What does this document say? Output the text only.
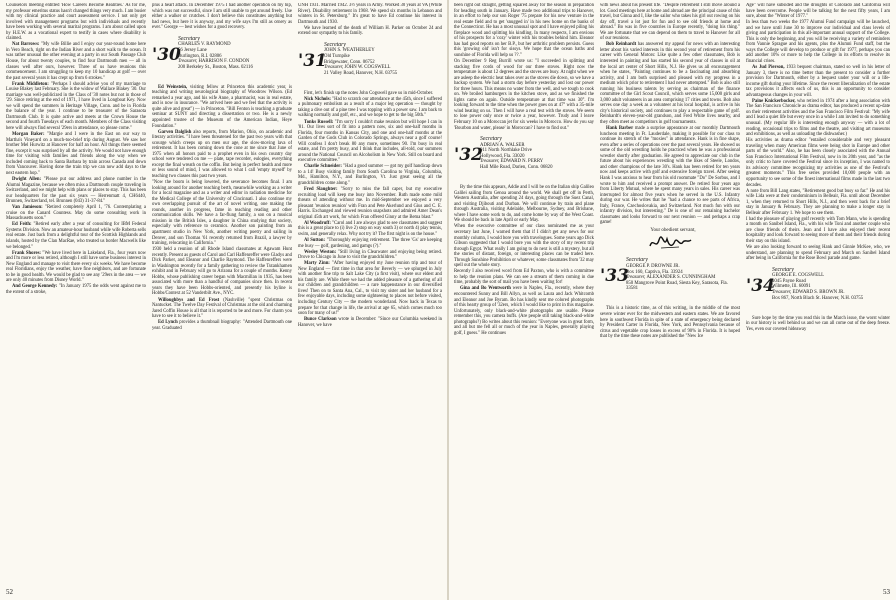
Counselors meeting entitled 'How Careers Become Realities.' As for me, my professor emeritus status hasn't changed things very much. I am busier with my clinical practice and court assessment service. I not only get involved with management programs but with individuals and recently have been working with several marital programs. I am about called upon by H.E.W. as a vocational expert to testify in cases where disability is claimed.

Nat Barrows: "My wife Billie and I enjoy our year-round home here in Vero Beach, right on the Indian River and a short walk to the ocean. It was rather unusual the other evening at a party in our South Passage Club House, for about twenty couples, to find four Dartmouth men — all in classes well after ours, however. Three of us have reunions this commencement. I am struggling to keep my 10 handicap at golf — over the past several years it has crept up from 6 strokes."

Frank Middleton: "Perhaps I should advise you of my marriage to Louise Blakey last February. She is the widow of Wallace Blakey '30. Our marriage was well-publicized in the Class of '30 notes but not in those of '29. Since retiring at the end of 1971, I have lived in Longboat Key. Now we will spend the summers in Heritage Village, Conn. and be in Florida the balance of the year. I continue to be treasurer of the Sarasota Dartmouth Club. It is quite active and meets at the Crown House the second and fourth Tuesdays of each month. Members of the Class visiting here will always find several '29ers in attendance, so please come."

Morgan Baker: "Margie and I were in the East on our way to Martha's Vineyard on a much-too-brief trip during August. We saw her brother Mel Hurwitz at Hanover for half an hour. All things there seemed fine, except it was surprised by all the activity. We would not have enough time for visiting with families and friends along the way when we included coming back to Santa Barbara by train across Canada and down from Vancouver. Having done the train trip we can now add days to the next eastern hop."

Dwight Allen: "Please put our address and phone number in the Alumni Magazine, because we often miss a Dartmouth couple traveling in Switzerland, and we might help with plans or places to stay. This has been our headquarters for the past six years — Herrenmatt 4, CH6440, Brunnen, Switzerland, tel. Brunnen (043) 31-37-84."

Van Jamieson: "Retired completely April 1, '76. Contemplating a cruise on the Canard Countess. May do some consulting work in Massachusetts soon."

Ed Feith: "Retired early after a year of consulting for IBM Federal Systems Division. Now an amateur-hour husband while wife Roberta sells real estate. Just back from a delightful tour of the Scottish Highlands and islands, hosted by the Clan MacRae, who treated us border Macwells like we belonged."

Frank Shores: "We have lived here in Lakeland, Fla., four years now and I'm more or less retired, although I still have some business interest in New England and manage to visit there every six weeks. We have become real Floridians, enjoy the weather, have fine neighbors, and are fortunate to be in good health. We would be glad to see any '29ers in the area — we are only 40 minutes from Disney World."

And George Kennedy: "In January 1975 the odds went against me to the extent of a stroke,

plus a heart attack. In December 1975 I had another operation on my hip, which was not successful, since I am still unable to get around freely. Use either a walker or crutches. I don't believe this constitutes anything but bad news, but here it is anyway, and my wife says I'm still as ornery as ever." George — best wishes for a good recovery.

'30
Secretary
CHARLES V. RAYMOND
56 Jersey Lane
Burlington, R.I. 02806
Treasurer, HARRISON F. CONDON
200 Berkeley St., Boston, Mass. 02116

Ed Weinstein, visiting fellow at Princeton this academic year, is teaching and writing neurological biography of Woodrow Wilson. (Ed remarked a year ago, and his wife Anne, a pharmacist, was in real estate, and is now in insurance. "We arrived here and we feel that the activity is quite alive and great") — in Princeton. "Bill Fenton is teaching a graduate seminar at SUNY and directing a dissertation or two. He is a newly appointed trustee of the Museum of the American Indian, Heye Foundation."

Garven Dalglish also reports, from Marion, Ohio, on academic and literary activities. "I have been threatened for the past two years with that scourge which creeps up on men our age, the slow-moving lava of retirement. It has been coming down the cone at me since that June of 1975 when all honors paid to a prophet even in his own country day school were tendered on me — plate, tape recorder, eulogies, everything except the final wreath on the coffin. But being in perfect health and more or less sound of mind, I was allowed to what I call 'empty myself' by teaching two classes this past two years.

"Now the boom is being lowered, the severance becomes final. I am looking around for another teaching berth, meanwhile working as a writer for a local magazine and as a writer and editor in radiation medicine for the Medical College of the University of Cincinnati. I also continue my own overlapping pursuit of the art of novel writing, one making the rounds, another in progress, fame in teaching reading and other communication skills. We have a far-flung family, a son on a musical mission in the British Isles, a daughter in China studying that society, especially with reference to ceramics. Another son painting from an apartment studio in New York, another writing poetry and sailing in Denver, and son Thomas '61 recently returned from Brazil, a lawyer by training, relocating in California."

1930 held a reunion of all Rhode Island classmates at Agawam Hunt recently. Present as guests of Carol and Carl Haffenreffer were Gladys and Dick Parker, and Eleanor and Charlie Raymond. The Haffenreffers were in Washington recently for a family gathering to review the Tutankhamen exhibit and in February will go to Arizona for a couple of months. Kenny Hobbs, whose publishing career began with Macmillan in 1935, has been associated with more than a handful of companies since then. In recent years they have been Hobbs-oriented, and presently his byline is Hobbs/Context at 52 Vanderbilt Ave., NYC.

Willoughbys and Ed Frost (Nashville) "spent Christmas on Nantucket. The Twelve Day Festival of Christmas at the old and charming Jared Coffin House is all that it is reported to be and more. For charm you have to see it to believe it."

Ed Lynch provides a thumbnail biography: "Attended Dartmouth one year. Graduated

UNH 1931. Married 1942. 3½ years in Army. Worked 30 years at VA (White River). Disability retirement in 1968. We spend six months in Lebanon and winters in St. Petersburg." It's great to have Ed continue his interest in Dartmouth and 1930.

We have learned of the death of William H. Parker on October 24 and extend our sympathy to his family.

'31
Secretary
JOHN S. WEATHERLEY
Old Turnpike
Bridgewater, Conn. 06752
Treasurer, JOHN W. COGSWELL
21 Valley Road, Hanover, N.H. 03755

First, let's finish up the notes John Cogswell gave us in mid-October.

Nick Nichols: "Had to scratch our attendance at the 45th, since I suffered a pulmonary embolism as a result of a major leg operation — thought by taking a dive out of a pine tree I was topping with a power saw. I am back to walking normally and golf, etc., and we hope to get to the big 50th."

Tonks Russell: "I'm sorry I couldn't make reunion but will hope I can in '81. Our lives sort of fit into a pattern now, six and one-half months in Florida, four months in Kansas City, and one and one-half months at the Garden of the Gods Club in Colorado Springs, always near a golf course! Will confess I don't break 80 any more, sometimes 90. I'm busy in real estate, and I'm pretty busy, and I think that includes, all-told, our summers around the National Council on Alcoholism in New York. Still on board and executive committee."

Charlie Schneider: "Had a good summer — got my golf handicap down to a 14! Busy visiting family from South Carolina to Virginia, Columbia, Md., Hamilton, N.Y., and Burlington, Vt. Just great seeing all the grandchildren come along."

Fred Slaughter: "Sorry to miss the fall caper, but my executive recruiting load will keep me busy into November. Ruth made some mild threats of attending without me. In mid-September we enjoyed a very pleasant 'reunion reunion' with Fran and Pete Akerlund and Gius and C. E. Harris. Exchanged and viewed reunion snapshots and admired Amer Dean's original 45th art work, for which Fran offered Ginny at the Bema blast."

Al Woodruff: "Carol and I are always glad to see classmates and suggest this is a great place to (i) live 2) stop on way south 3) or north 4) play tennis, swim, and generally relax. Why not try it? The first night is on the house."

Al Sutton: "Thoroughly enjoying retirement. The three 'Gs' are keeping me busy — golf, gardening, and gamgs (?)."

Wesley Weston: "Still living in Clearwater and enjoying being retired. Drove to Chicago in June to visit the grandchildren."

Marty Zinn: "After having enjoyed my June reunion trip and tour of New England — first time in that area for Beverly — we splurged in July with another fine trip to Salt Lake City (a first visit), where our eldest and his family are. While there we had the added pleasure of a gathering of all our children and grandchildren — a rare happenstance in our diversified lives! Then on to Santa Ana, Cal., to visit my sister and her husband for a few enjoyable days, including some sightseeing to places not before visited, including Century City — the modern wonderland. Now back in Texas to prepare for that change in life, the arrival at age 65, which comes much too soon for many of us!"

Bunce Clarkson wrote in December: "Since our Columbia weekend in Hanover, we have

52

been right out straight, getting squared away for the season in preparation for heading south in January. Have made two additional trips to Hanover, in an effort to help our son Roger '75 prepare for his new venture in the real estate field and to get 'snugged in' in his new home on the banks of the Connecticut. He has a most unusual spot and I have enjoyed piling his fireplace wood and splitting his kindling. In many respects, I am envious of his prospects for a 'cozy' winter with his troubles behind him. Eleanor has had good reports on her B.P., but her arthritic problem persists. Guess this 'growing old' isn't for sissys. We hope that the ocean baths and sunshine of Florida will help us ??."

On December 9 Reg Burrill wrote us: "I succeeded in splitting and stacking five cords of wood for our three stoves. Right now the temperature is about 12 degrees and the stoves are busy. At night when we are asleep the electric heat takes over as the stoves die down, so we have a backup system. We had a storm day before yesterday and lost our power for three hours. This means no water from the well, and we tough to cook on. We broiled hamburgers in the kitchen stove, and as we finished the lights came on again. Outside temperature at that time was 30°. I'm looking forward to the time when the power goes on at 47° with a 35-mile wind beating on us. Then I will have a real test with the stoves. We seem to lose power only once or twice a year, however. Trudy and I leave February 10 on a Moroccan jet for six weeks in Morocco. How do you say 'Bourbon and water, please' in Moroccan? I have to find out."

'32
Secretary
ADRIAN A. WALSER
911 North Northlake Drive
Hollywood, Fla. 33020
Treasurer, EDWARD N. PERRY
Hall Mile Road, Darien, Conn. 06820

By the time this appears, Addie and I will be on the Italian ship Galileo Galilei sailing from Genoa around the world. We shall get off in Perth, Western Australia, after spending 24 days, going through the Suez Canal, and visiting Djibouti and Durban. We will continue by train and plane through Australia, visiting Adelaide, Melbourne, Sydney, and Brisbane, where I have some work to do, and come home by way of the West Coast. We should be back in late April or early May.

When the executive committee of our class nominated me as your secretary last June, I warned them that if I didn't get any news for our monthly column, I would bore you with travelogues. Some years ago Dick Gibson suggested that I would bore you with the story of my recent trip through Egypt. What really I am going to do next is still a mystery, but all the stories of distant, foreign, or interesting places can be traded here. Through Sunshine Prohibition or whatever, some classmates from '32 may spell out the whole story.

Recently I also received word from Ed Paxton, who is with a committee to help the reunion plans. We can see a stream of them coming in due time, probably the sort of mail you have been waiting for!

Gina and Bo Wentworth were in Naples, Fla., recently, where they encountered Sunny and Bill Allyn, as well as Laura and Jack Whitcomb and Eleanor and Joe Byram. Bo has kindly sent me colored photographs of this hearty group of '32ers, which I would like to print in this magazine. Unfortunately, only black-and-white photographs are usable. Please remember this, you camera buffs. (Are people still taking black-and-white photographs?) Bo writes about this reunion: "Everyone was in great form, and all but me fell all or much of the year in Naples, generally playing golf, I guess." He continues

with news about his present life. "Despite retirement I still move around a lot. Good meetings here at home and abroad are the principal cause of this travel, but Ginna and I, like the sailor who takes his girl out rowing on his day off, travel a lot just for fun and to see old friends at home and abroad." Bo was in five countries in Europe recently, "doing his thing." We are fortunate that we can depend on them to travel to Hanover for all of our reunions.

Bob Reinhardt has answered my appeal for news with an interesting letter about his varied interests in this second year of retirement from his career with General Motors: Like quite a few other classmates, Bob is interested in painting and has started his second year of classes in oil at the local art center of Short Hills, N.J. He gives us all encouragement when he states, "Painting continues to be a fascinating and absorbing activity, and I am both surprised and pleased with my progress in a medium which prior to retirement I had never attempted." Bob is also still running his business talents by serving as chairman of the finance committee of the Girl Scout Council, which serves some 15,000 girls and 3,000 adult volunteers in an area comprising 17 cities and towns. Bob also serves one day a week as a volunteer at his local hospital, is active in his city's historical society, and continues to play a respectable game of golf. Reinhardt's eleven-year-old grandson, and Fred White lives nearby, and they often meet as competitors in golf tournaments.

Hank Barber made a surprise appearance at our monthly Dartmouth luncheon meeting in Ft. Lauderdale, making it possible for our class to continue its stretch of the "moxies" in attendance. Hank is in fine shape, even after a series of operations over the past several years. He showed us some of the old wrestling holds he practiced when he was a professional wrestler shortly after graduation. He agreed to appreciate our club in the future about his experiences wrestling with the likes of Steele, Londos, and other champions of the late 30's. Hank has been retired for ten years now and keeps active with golf and extensive foreign travel. After seeing Hank I was anxious to hear from his old roommate "Do" De Sorbus, and I wrote to him and received a prompt answer. De retired four years ago from Liberty Mutual, where he spent many years in sales. His career was interrupted for almost five years when he served in the U.S. Infantry during our war. He writes that he "had a chance to see parts of Africa, Italy, France, Czechoslovakia, and Switzerland. Not much fun with our infantry division, but interesting." De is one of our remaining bachelor classmates and looks forward to our next reunion — and perhaps a crap game!

Your obedient servant,

'33
Secretary
GEORGE P. DROWNE JR.
Box 160, Captiva, Fla. 33924
Treasurer, ALEXANDER S. CUNNINGHAM
850 Mangrove Point Road, Siesta Key, Sarasota, Fla. 33581

This is a historic time, as of this writing, in the middle of the most severe winter ever for the midwestern and eastern states. We are favored here in southwest Florida in spite of a state of emergency being declared by President Carter in Florida, New York, and Pennsylvania because of citrus and vegetable crop losses in excess of 90% in Florida. It is hoped that by the time these notes are published the "New Ice

Age" will have subsided and the droughts of Colorado and California will have been overcome. People will be talking for the next fifty years, I am sure, about the "Winter of 1977."

In less than two weeks the 1977 Alumni Fund campaign will be launched, and we have until June 30 to improve our individual and class levels of giving and participation in this all-important annual support of the College. This is only the beginning, and you will be receiving a variety of reminders from Vannie Sprague and his agents, plus the Alumni Fund staff, but the ways the College will develop to produce or gift for 1977, perhaps you can add another 10% or more to help the College in its efforts to resolve its financial crises.

As Jud Pierson, 1933 bequest chairman, stated so well in his letter of January 3, there is no time better than the present to consider a further provision for Dartmouth, either by a bequest under your will or a life-income gift during your lifetime. Since the recent liberalization of the estate tax provisions it affects each of us, this is an opportunity to consider advantageous changes in your will.

Paine Knickerbocker, who retired in 1974 after a long association with The San Francisco Chronicle as drama editor, has produced a recent up-date on their retirement activities and the San Francisco Film Festival: "My wife and I lead a quiet life but every once in a while I am invited to do something unusual. (My regular life is interesting enough anyway — with a lot of reading, occasional trips to films and the theatre, and visiting art museums and exhibitions, as well as unloading the dishwasher.)

His activities as drama editor "entailed considerable and very pleasant traveling when many American films were being shot in Europe and other parts of the world." Also, he has been closely associated with the Annual San Francisco International Film Festival, now in its 20th year, and "as the only critic to have covered the Festival since its inception, I was named to its advisory committee recognizing my activities as one of the Festival's greatest moments." This free series provided 10,000 people with an opportunity to see some of the finest international films made in the last two decades.

A note from Bill Lang states, "Retirement good but busy so far." He and his wife Lida were at their condominium in Belleair, Fla. until about December 1, when they returned to Short Hills, N.J., and then went back for a brief stay in January & February. They are planning to make a longer stay in Belleair after February 1. We hope to see them.

I had the pleasure of playing golf recently with Tom Mann, who is spending a month on Sanibel Island, Fla., with his wife Toni and another couple who are close friends of theirs. Jean and I have also enjoyed their recent hospitality and look forward to seeing more of them and their friends during their stay on this island.

We are also looking forward to seeing Hank and Ginnie McKee, who, we understand, are planning to spend February and March on Sanibel Island after being in California for the Rose Bowl parade and game.

'34
Secretary
GEORGE E. COGSWELL
1045 Payne Road
Wilmette, Ill. 60091
Treasurer, EDWARD S. BROWN JR.
Box 867, North Blach St. Hanover, N.H. 03755

Sure hope by the time you read this in the March issue, the worst winter in our history is well behind us and we can all come out of the deep freeze. Yes, even our coveted hideaway

53
